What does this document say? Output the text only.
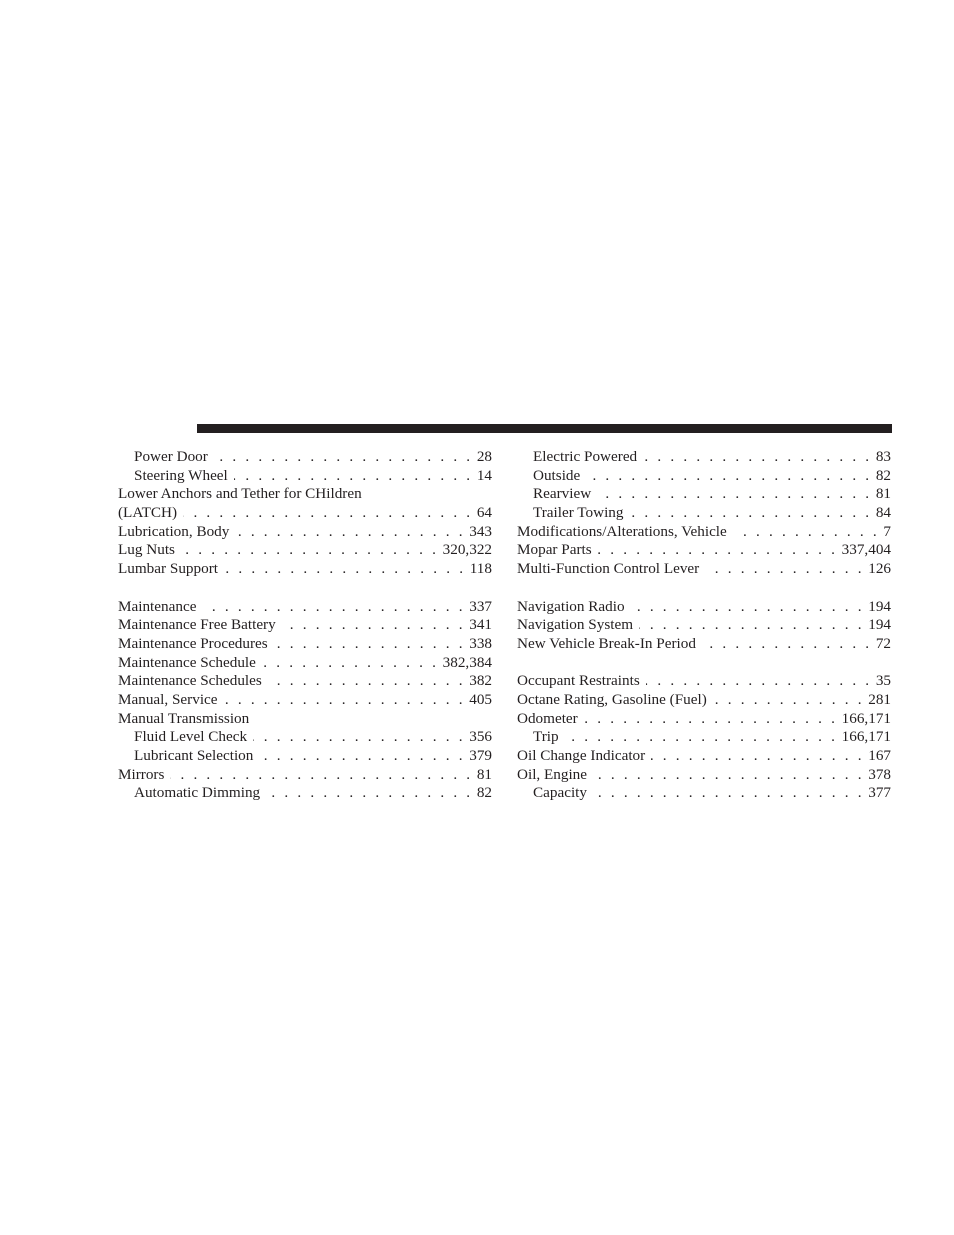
Power Door . . .	28
Steering Wheel . . .	14
Lower Anchors and Tether for CHildren
(LATCH) . . .	64
Lubrication, Body . . .	343
Lug Nuts . . .	320,322
Lumbar Support . . .	118
Maintenance . . .	337
Maintenance Free Battery . . .	341
Maintenance Procedures . . .	338
Maintenance Schedule . . .	382,384
Maintenance Schedules . . .	382
Manual, Service . . .	405
Manual Transmission
Fluid Level Check . . .	356
Lubricant Selection . . .	379
Mirrors . . .	81
Automatic Dimming . . .	82
Electric Powered . . .	83
Outside . . .	82
Rearview . . .	81
Trailer Towing . . .	84
Modifications/Alterations, Vehicle . . .	7
Mopar Parts . . .	337,404
Multi-Function Control Lever . . .	126
Navigation Radio . . .	194
Navigation System . . .	194
New Vehicle Break-In Period . . .	72
Occupant Restraints . . .	35
Octane Rating, Gasoline (Fuel) . . .	281
Odometer . . .	166,171
Trip . . .	166,171
Oil Change Indicator . . .	167
Oil, Engine . . .	378
Capacity . . .	377
